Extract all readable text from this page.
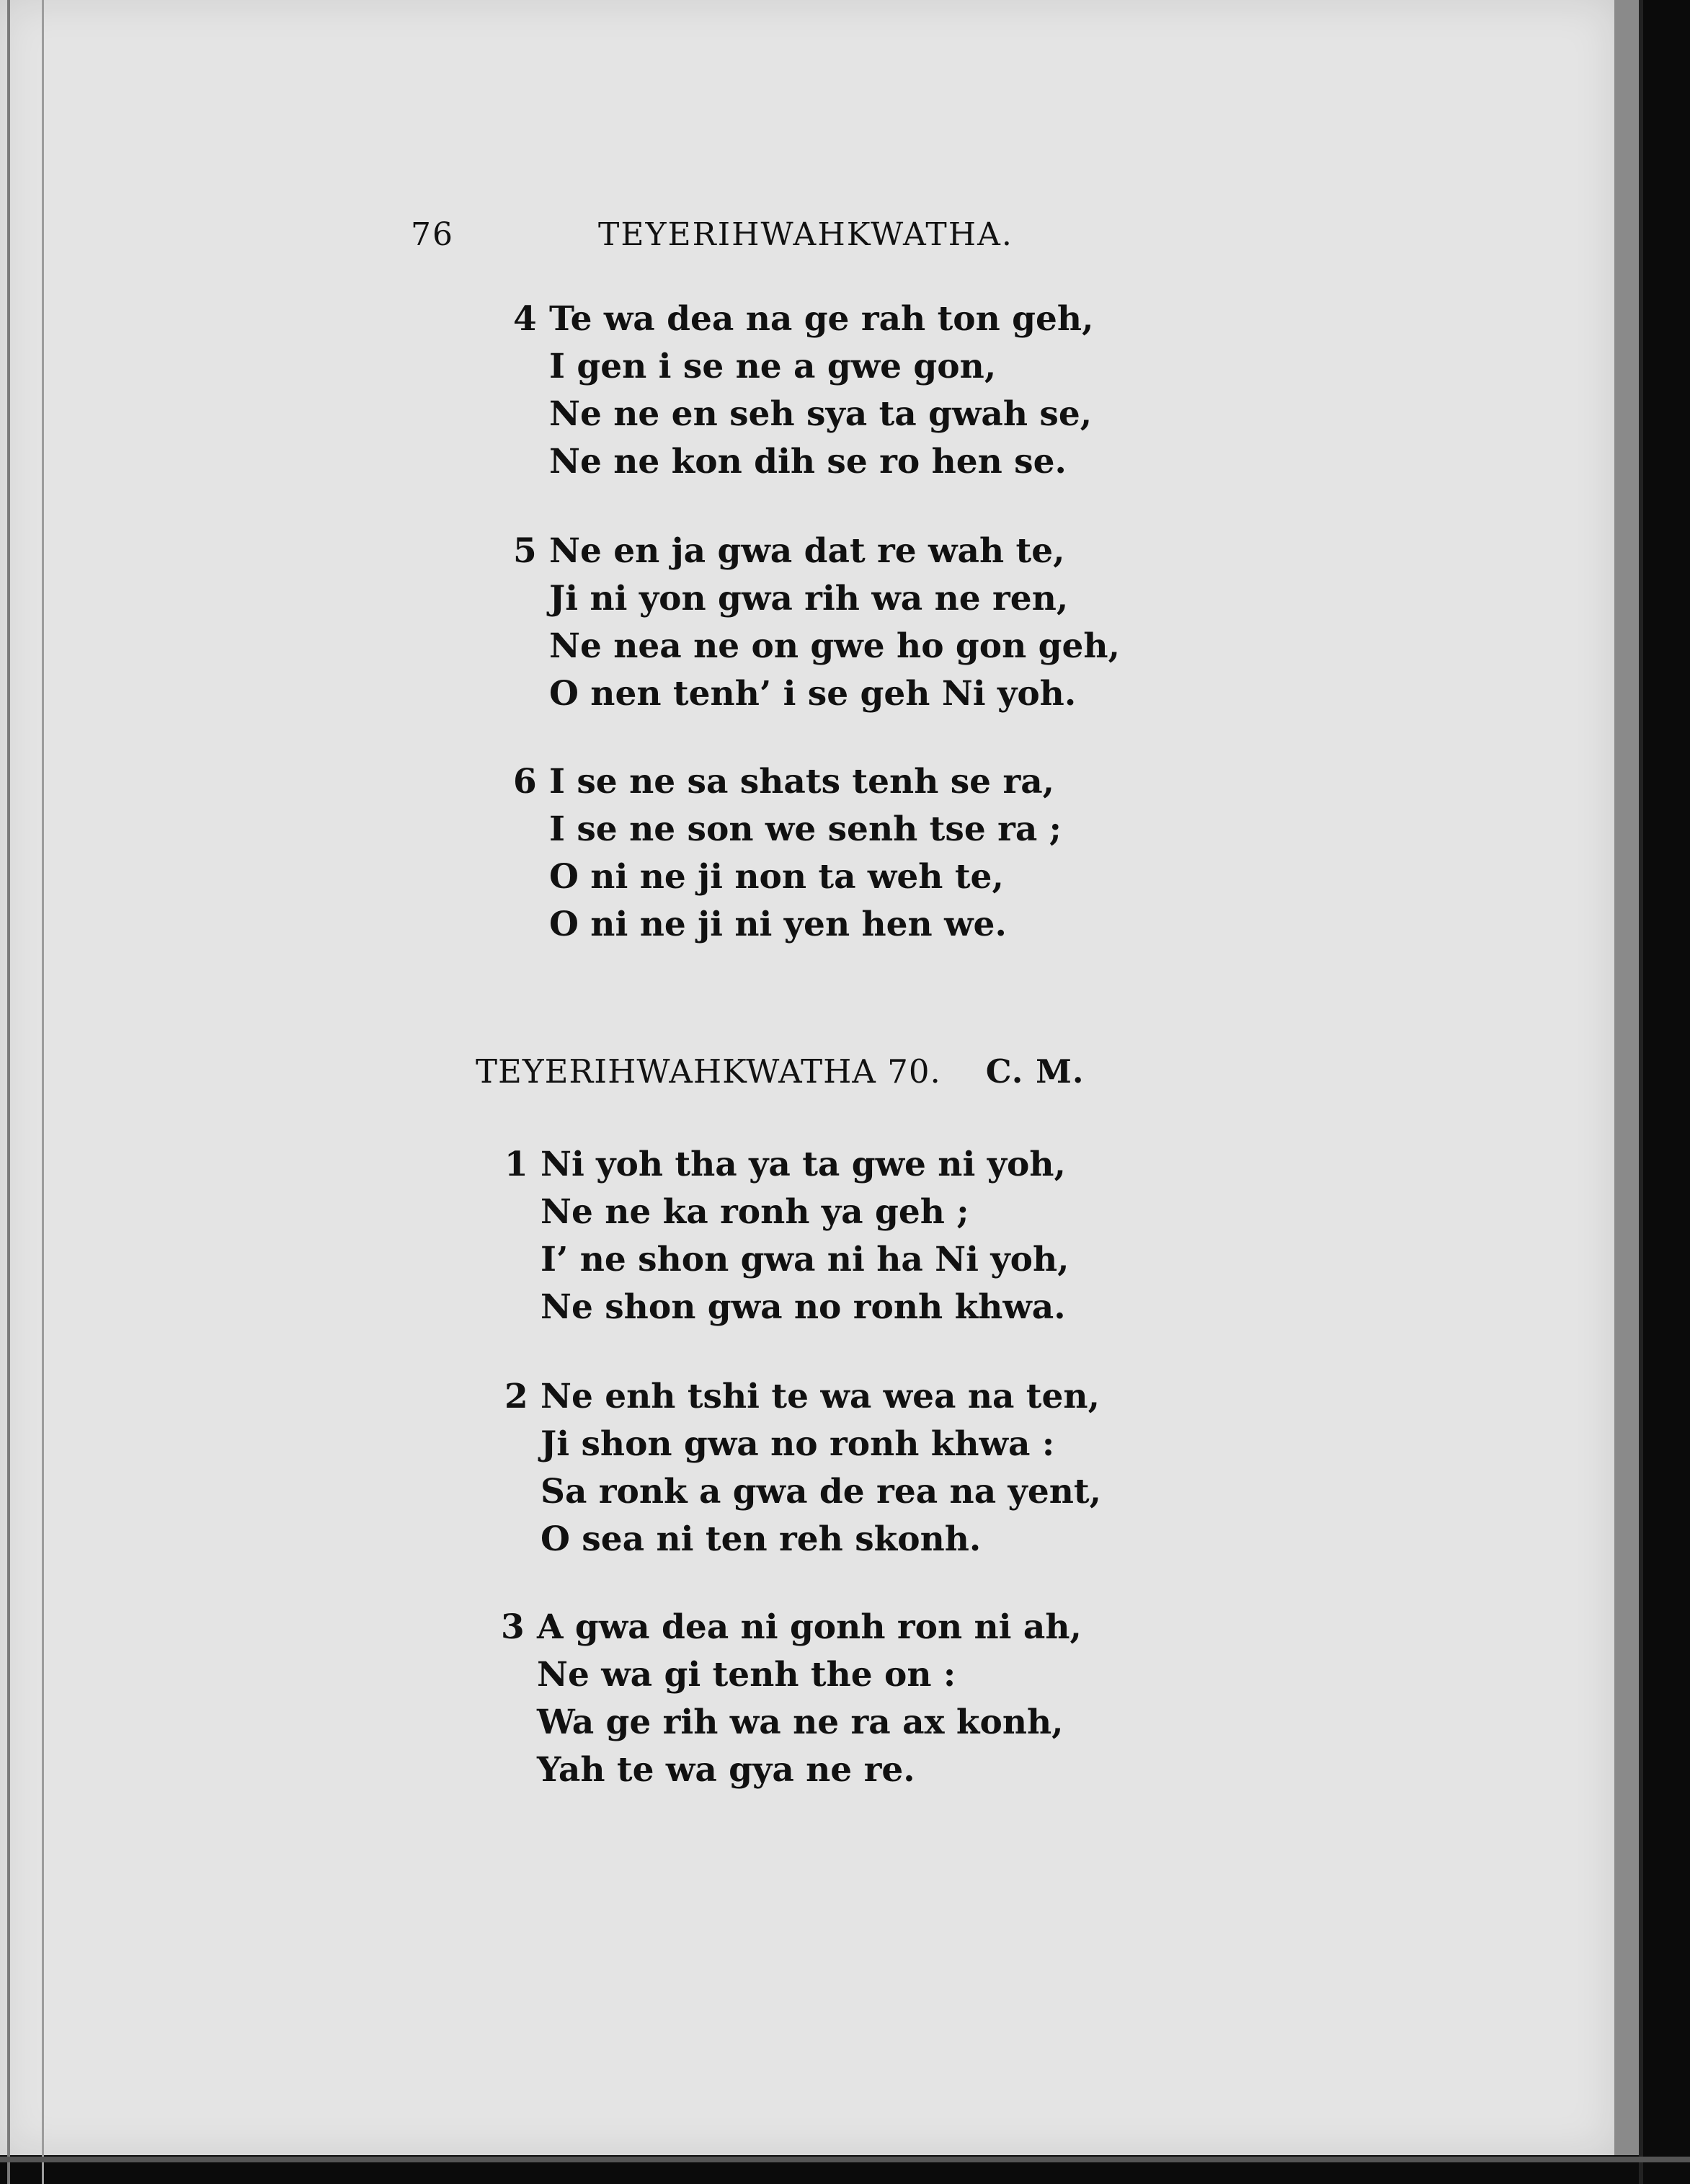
76	TEYERIHWAHKWATHA.
4 Te wa dea na ge rah ton geh,
I gen i se ne a gwe gon,
Ne ne en seh sya ta gwah se,
Ne ne kon dih se ro hen se.
5 Ne en ja gwa dat re wah te,
Ji ni yon gwa rih wa ne ren,
Ne nea ne on gwe ho gon geh,
O nen tenh’ i se geh Ni yoh.
6 I se ne sa shats tenh se ra,
I se ne son we senh tse ra ;
O ni ne ji non ta weh te,
O ni ne ji ni yen hen we.
TEYERIHWAHKWATHA 70. C. M.
1 Ni yoh tha ya ta gwe ni yoh,
Ne ne ka ronh ya geh ;
I’ ne shon gwa ni ha Ni yoh,
Ne shon gwa no ronh khwa.
2 Ne enh tshi te wa wea na ten,
Ji shon gwa no ronh khwa :
Sa ronk a gwa de rea na yent,
O sea ni ten reh skonh.
3 A gwa dea ni gonh ron ni ah,
Ne wa gi tenh the on :
Wa ge rih wa ne ra ax konh,
Yah te wa gya ne re.
